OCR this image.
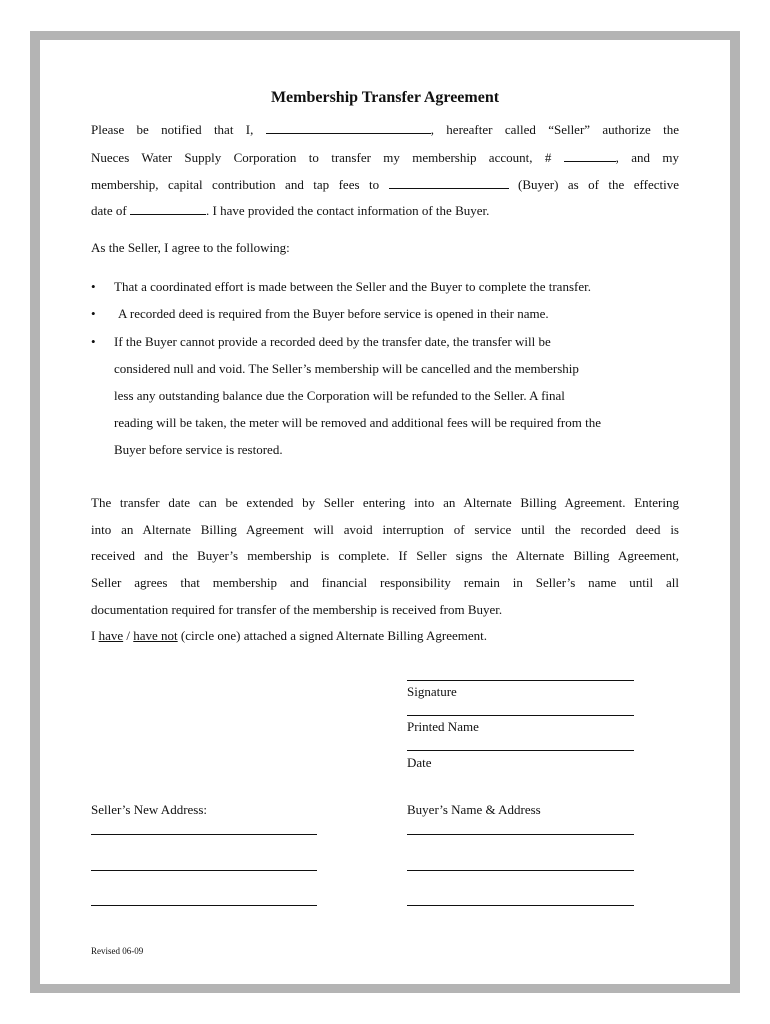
Membership Transfer Agreement
Please be notified that I,	, hereafter called “Seller” authorize the
Nueces Water Supply Corporation to transfer my membership account, #	, and my
membership, capital contribution and tap fees to	(Buyer) as of the effective
date of	. I have provided the contact information of the Buyer.
As the Seller, I agree to the following:
• That a coordinated effort is made between the Seller and the Buyer to complete the transfer.
• A recorded deed is required from the Buyer before service is opened in their name.
• If the Buyer cannot provide a recorded deed by the transfer date, the transfer will be
considered null and void. The Seller’s membership will be cancelled and the membership
less any outstanding balance due the Corporation will be refunded to the Seller. A final
reading will be taken, the meter will be removed and additional fees will be required from the
Buyer before service is restored.
The transfer date can be extended by Seller entering into an Alternate Billing Agreement. Entering
into an Alternate Billing Agreement will avoid interruption of service until the recorded deed is
received and the Buyer’s membership is complete. If Seller signs the Alternate Billing Agreement,
Seller agrees that membership and financial responsibility remain in Seller’s name until all
documentation required for transfer of the membership is received from Buyer.
I have / have not (circle one) attached a signed Alternate Billing Agreement.
Signature
Printed Name
Date
Seller’s New Address:	Buyer’s Name & Address
Revised 06-09
